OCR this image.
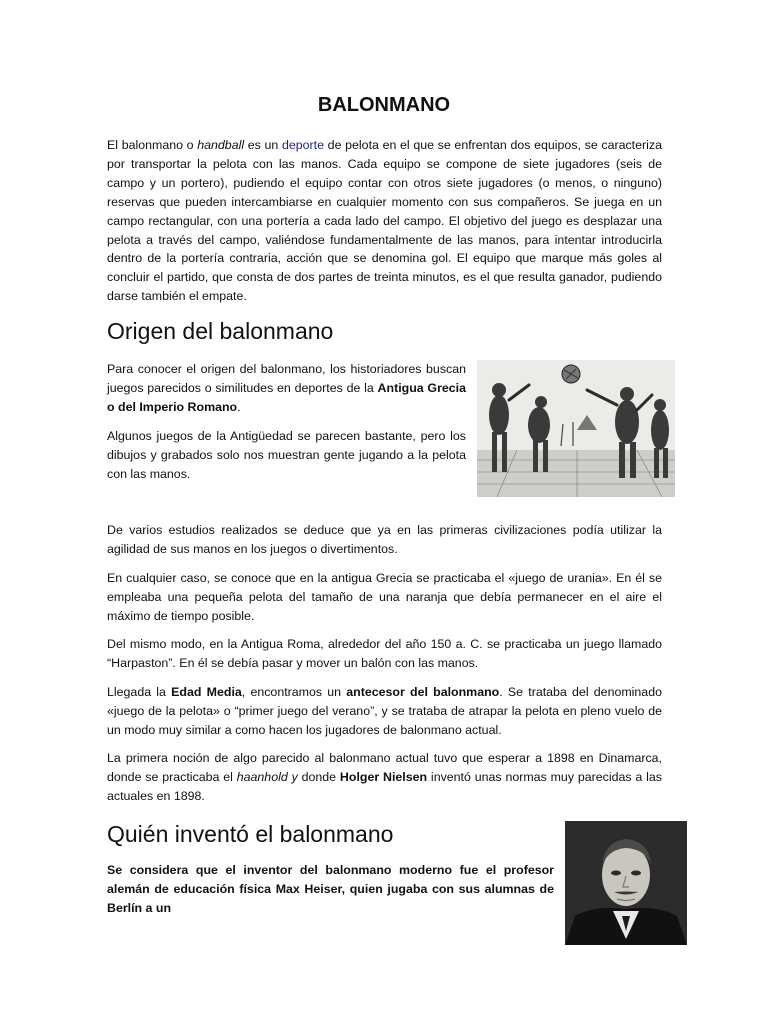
BALONMANO

El balonmano o handball es un deporte de pelota en el que se enfrentan dos equipos, se caracteriza por transportar la pelota con las manos. Cada equipo se compone de siete jugadores (seis de campo y un portero), pudiendo el equipo contar con otros siete jugadores (o menos, o ninguno) reservas que pueden intercambiarse en cualquier momento con sus compañeros. Se juega en un campo rectangular, con una portería a cada lado del campo. El objetivo del juego es desplazar una pelota a través del campo, valiéndose fundamentalmente de las manos, para intentar introducirla dentro de la portería contraria, acción que se denomina gol. El equipo que marque más goles al concluir el partido, que consta de dos partes de treinta minutos, es el que resulta ganador, pudiendo darse también el empate.

Origen del balonmano

Para conocer el origen del balonmano, los historiadores buscan juegos parecidos o similitudes en deportes de la Antigua Grecia o del Imperio Romano.

Algunos juegos de la Antigüedad se parecen bastante, pero los dibujos y grabados solo nos muestran gente jugando a la pelota con las manos.

De varios estudios realizados se deduce que ya en las primeras civilizaciones podía utilizar la agilidad de sus manos en los juegos o divertimentos.

En cualquier caso, se conoce que en la antigua Grecia se practicaba el «juego de urania». En él se empleaba una pequeña pelota del tamaño de una naranja que debía permanecer en el aire el máximo de tiempo posible.

Del mismo modo, en la Antigua Roma, alrededor del año 150 a. C. se practicaba un juego llamado “Harpaston”. En él se debía pasar y mover un balón con las manos.

Llegada la Edad Media, encontramos un antecesor del balonmano. Se trataba del denominado «juego de la pelota» o “primer juego del verano”, y se trataba de atrapar la pelota en pleno vuelo de un modo muy similar a como hacen los jugadores de balonmano actual.

La primera noción de algo parecido al balonmano actual tuvo que esperar a 1898 en Dinamarca, donde se practicaba el haanhold y donde Holger Nielsen inventó unas normas muy parecidas a las actuales en 1898.

Quién inventó el balonmano

Se considera que el inventor del balonmano moderno fue el profesor alemán de educación física Max Heiser, quien jugaba con sus alumnas de Berlín a un
